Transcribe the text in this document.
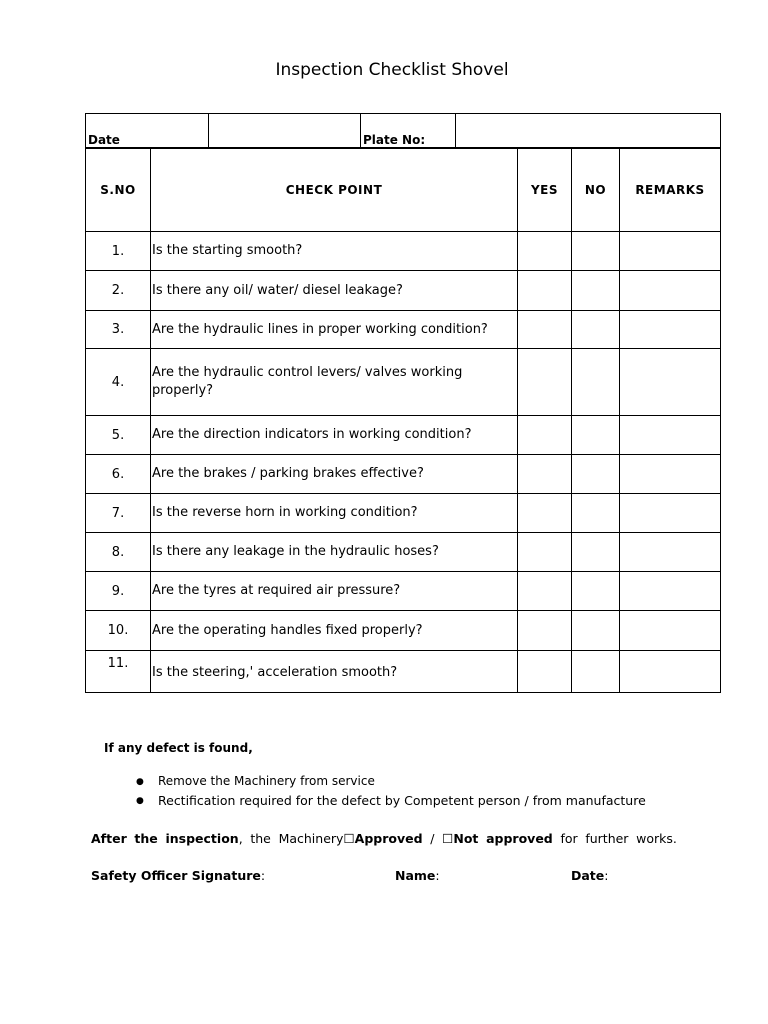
Inspection Checklist Shovel
Date		Plate No:	
S.NO	CHECK POINT	YES	NO	REMARKS
1.	Is the starting smooth?			
2.	Is there any oil/ water/ diesel leakage?			
3.	Are the hydraulic lines in proper working condition?			
4.	Are the hydraulic control levers/ valves working properly?			
5.	Are the direction indicators in working condition?			
6.	Are the brakes / parking brakes effective?			
7.	Is the reverse horn in working condition?			
8.	Is there any leakage in the hydraulic hoses?			
9.	Are the tyres at required air pressure?			
10.	Are the operating handles fixed properly?			
11.	Is the steering,' acceleration smooth?			
If any defect is found,
● Remove the Machinery from service
● Rectification required for the defect by Competent person / from manufacture
After the inspection, the Machinery☐Approved / ☐Not approved for further works.
Safety Officer Signature:	Name:	Date:
